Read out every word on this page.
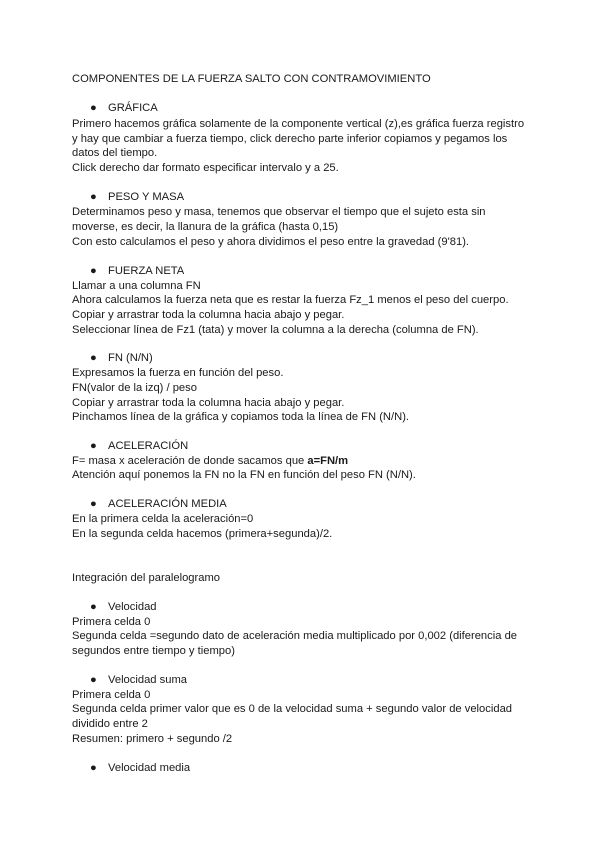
COMPONENTES DE LA FUERZA SALTO CON CONTRAMOVIMIENTO
● GRÁFICA
Primero hacemos gráfica solamente de la componente vertical (z),es gráfica fuerza registro
y hay que cambiar a fuerza tiempo, click derecho parte inferior copiamos y pegamos los
datos del tiempo.
Click derecho dar formato especificar intervalo y a 25.
● PESO Y MASA
Determinamos peso y masa, tenemos que observar el tiempo que el sujeto esta sin
moverse, es decir, la llanura de la gráfica (hasta 0,15)
Con esto calculamos el peso y ahora dividimos el peso entre la gravedad (9'81).
● FUERZA NETA
Llamar a una columna FN
Ahora calculamos la fuerza neta que es restar la fuerza Fz_1 menos el peso del cuerpo.
Copiar y arrastrar toda la columna hacia abajo y pegar.
Seleccionar línea de Fz1 (tata) y mover la columna a la derecha (columna de FN).
● FN (N/N)
Expresamos la fuerza en función del peso.
FN(valor de la izq) / peso
Copiar y arrastrar toda la columna hacia abajo y pegar.
Pinchamos línea de la gráfica y copiamos toda la línea de FN (N/N).
● ACELERACIÓN
F= masa x aceleración de donde sacamos que a=FN/m
Atención aquí ponemos la FN no la FN en función del peso FN (N/N).
● ACELERACIÓN MEDIA
En la primera celda la aceleración=0
En la segunda celda hacemos (primera+segunda)/2.
Integración del paralelogramo
● Velocidad
Primera celda 0
Segunda celda =segundo dato de aceleración media multiplicado por 0,002 (diferencia de
segundos entre tiempo y tiempo)
● Velocidad suma
Primera celda 0
Segunda celda primer valor que es 0 de la velocidad suma + segundo valor de velocidad
dividido entre 2
Resumen: primero + segundo /2
● Velocidad media
